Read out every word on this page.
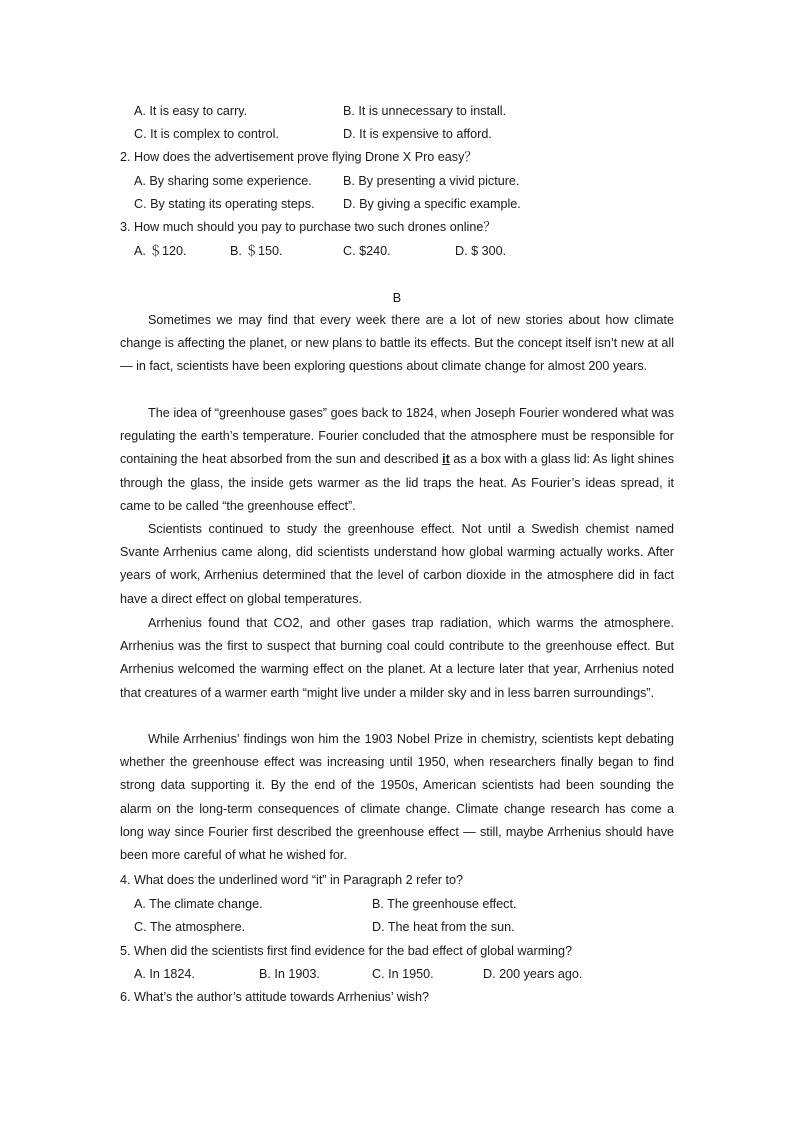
A. It is easy to carry.	B. It is unnecessary to install.
C. It is complex to control.	D. It is expensive to afford.
2. How does the advertisement prove flying Drone X Pro easy？
A. By sharing some experience. B. By presenting a vivid picture.
C. By stating its operating steps. D. By giving a specific example.
3. How much should you pay to purchase two such drones online？
A. ＄120.	B. ＄150.	C. $240.	D. $ 300.
B

Sometimes we may find that every week there are a lot of new stories about how climate change is affecting the planet, or new plans to battle its effects. But the concept itself isn’t new at all — in fact, scientists have been exploring questions about climate change for almost 200 years.

The idea of “greenhouse gases” goes back to 1824, when Joseph Fourier wondered what was regulating the earth’s temperature. Fourier concluded that the atmosphere must be responsible for containing the heat absorbed from the sun and described it as a box with a glass lid: As light shines through the glass, the inside gets warmer as the lid traps the heat. As Fourier’s ideas spread, it came to be called “the greenhouse effect”.

Scientists continued to study the greenhouse effect. Not until a Swedish chemist named Svante Arrhenius came along, did scientists understand how global warming actually works. After years of work, Arrhenius determined that the level of carbon dioxide in the atmosphere did in fact have a direct effect on global temperatures.

Arrhenius found that CO2, and other gases trap radiation, which warms the atmosphere. Arrhenius was the first to suspect that burning coal could contribute to the greenhouse effect. But Arrhenius welcomed the warming effect on the planet. At a lecture later that year, Arrhenius noted that creatures of a warmer earth “might live under a milder sky and in less barren surroundings”.

While Arrhenius’ findings won him the 1903 Nobel Prize in chemistry, scientists kept debating whether the greenhouse effect was increasing until 1950, when researchers finally began to find strong data supporting it. By the end of the 1950s, American scientists had been sounding the alarm on the long-term consequences of climate change. Climate change research has come a long way since Fourier first described the greenhouse effect — still, maybe Arrhenius should have been more careful of what he wished for.

4. What does the underlined word “it” in Paragraph 2 refer to?
A. The climate change.	B. The greenhouse effect.
C. The atmosphere.	D. The heat from the sun.
5. When did the scientists first find evidence for the bad effect of global warming?
A. In 1824.	B. In 1903.	C. In 1950.	D. 200 years ago.
6. What’s the author’s attitude towards Arrhenius’ wish?
